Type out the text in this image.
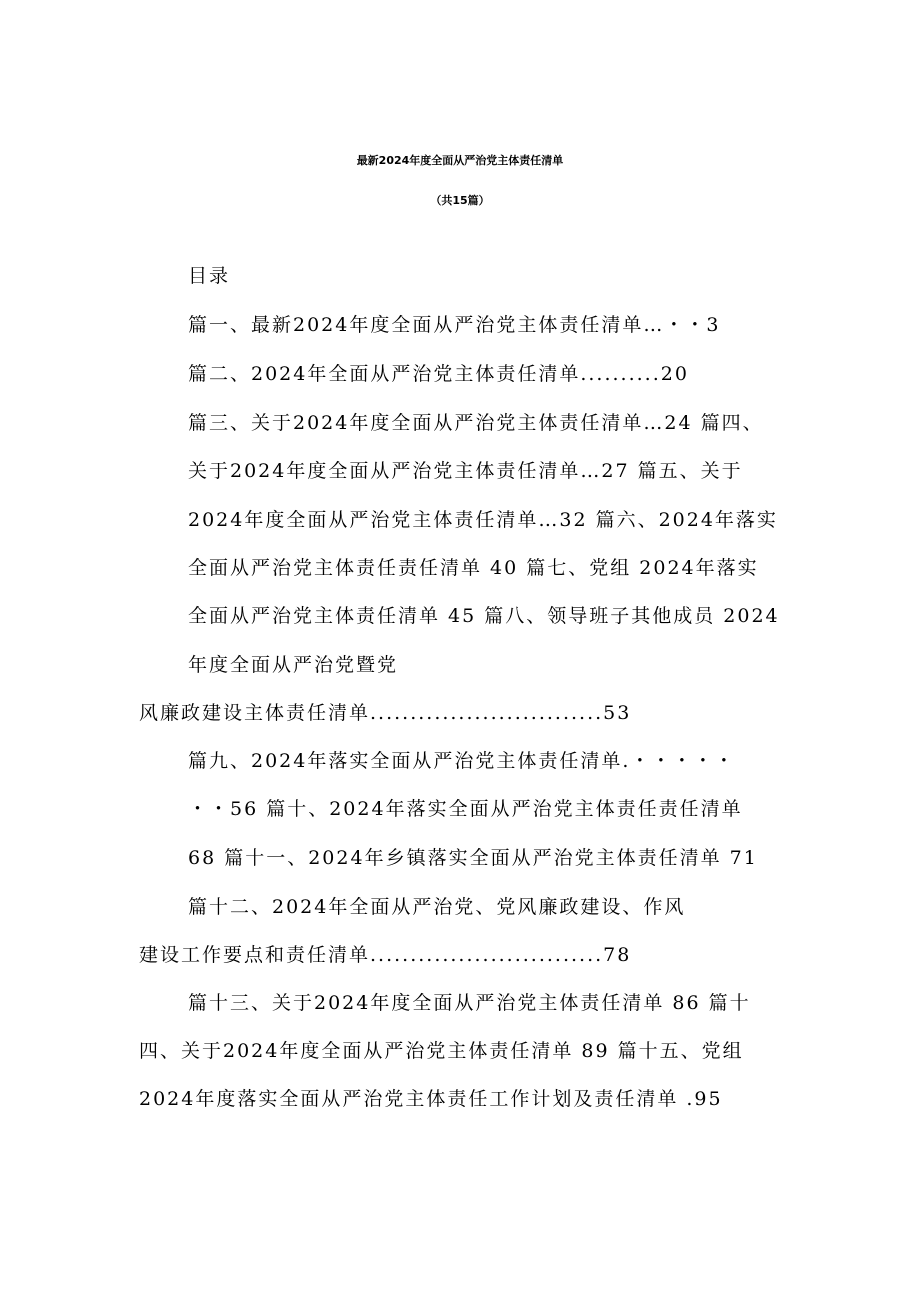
最新2024年度全面从严治党主体责任清单
（共15篇）
目录
篇一、最新2024年度全面从严治党主体责任清单…・・3
篇二、2024年全面从严治党主体责任清单..........20
篇三、关于2024年度全面从严治党主体责任清单…24 篇四、
关于2024年度全面从严治党主体责任清单…27 篇五、关于
2024年度全面从严治党主体责任清单…32 篇六、2024年落实
全面从严治党主体责任责任清单 40 篇七、党组 2024年落实
全面从严治党主体责任清单 45 篇八、领导班子其他成员 2024
年度全面从严治党暨党
风廉政建设主体责任清单.............................53
篇九、2024年落实全面从严治党主体责任清单.・・・・・
・・56 篇十、2024年落实全面从严治党主体责任责任清单
68 篇十一、2024年乡镇落实全面从严治党主体责任清单 71
篇十二、2024年全面从严治党、党风廉政建设、作风
建设工作要点和责任清单.............................78
篇十三、关于2024年度全面从严治党主体责任清单 86 篇十
四、关于2024年度全面从严治党主体责任清单 89 篇十五、党组
2024年度落实全面从严治党主体责任工作计划及责任清单 .95
